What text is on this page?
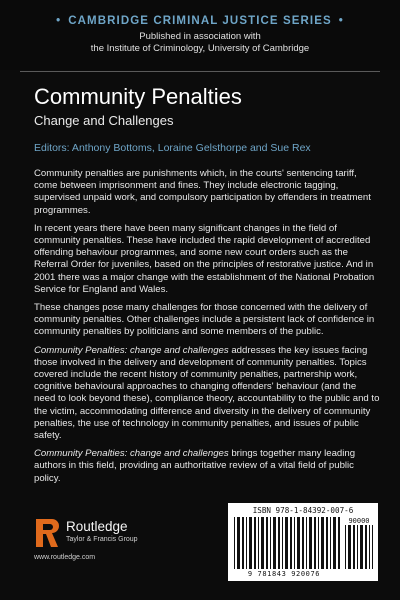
• CAMBRIDGE CRIMINAL JUSTICE SERIES •
Published in association with
the Institute of Criminology, University of Cambridge
Community Penalties
Change and Challenges
Editors: Anthony Bottoms, Loraine Gelsthorpe and Sue Rex

Community penalties are punishments which, in the courts' sentencing tariff, come between imprisonment and fines. They include electronic tagging, supervised unpaid work, and compulsory participation by offenders in treatment programmes.

In recent years there have been many significant changes in the field of community penalties. These have included the rapid development of accredited offending behaviour programmes, and some new court orders such as the Referral Order for juveniles, based on the principles of restorative justice. And in 2001 there was a major change with the establishment of the National Probation Service for England and Wales.

These changes pose many challenges for those concerned with the delivery of community penalties. Other challenges include a persistent lack of confidence in community penalties by politicians and some members of the public.

Community Penalties: change and challenges addresses the key issues facing those involved in the delivery and development of community penalties. Topics covered include the recent history of community penalties, partnership work, cognitive behavioural approaches to changing offenders' behaviour (and the need to look beyond these), compliance theory, accountability to the public and to the victim, accommodating difference and diversity in the delivery of community penalties, the use of technology in community penalties, and issues of public safety.

Community Penalties: change and challenges brings together many leading authors in this field, providing an authoritative review of a vital field of public policy.

Routledge
Taylor & Francis Group
www.routledge.com
ISBN 978-1-84392-007-6
90000
9 781843 920076
